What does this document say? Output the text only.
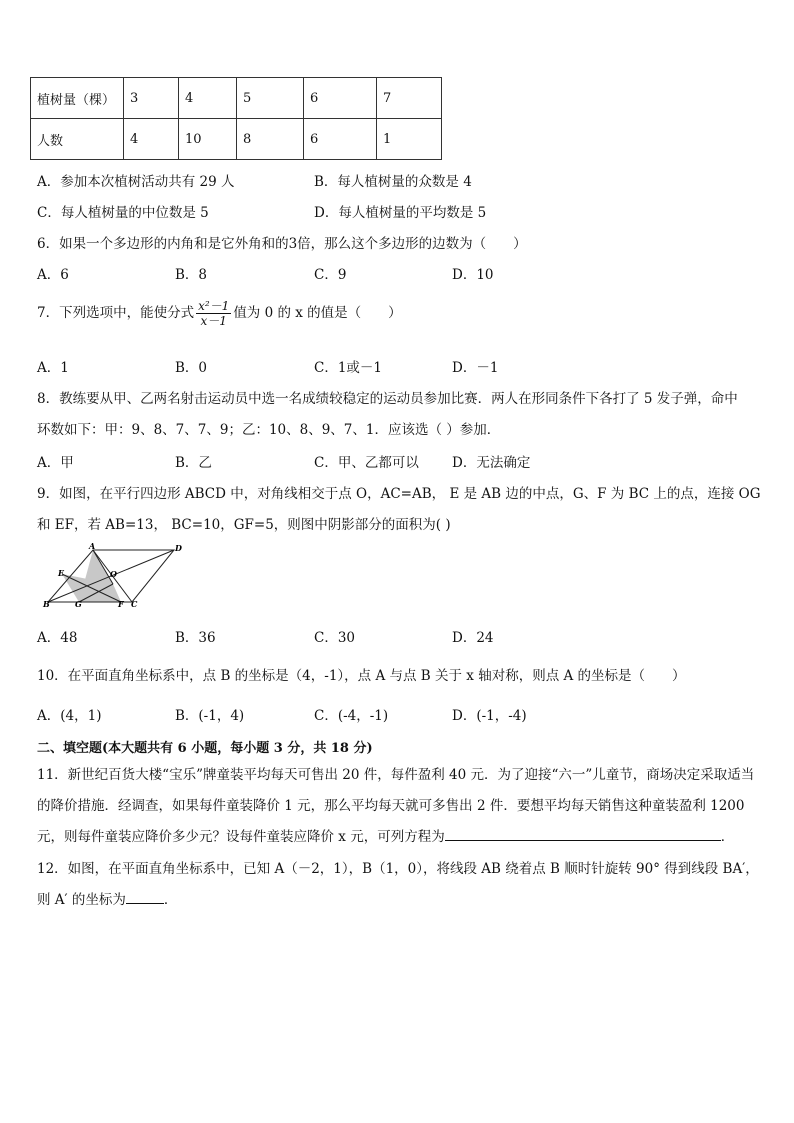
植树量（棵）	3	4	5	6	7
人数	4	10	8	6	1
A．参加本次植树活动共有 29 人	B．每人植树量的众数是 4
C．每人植树量的中位数是 5	D．每人植树量的平均数是 5
6．如果一个多边形的内角和是它外角和的3倍，那么这个多边形的边数为（　　）
A．6	B．8	C．9	D．10
7．下列选项中，能使分式 $\frac{\text{x²－1}}{x-1}$ 值为 0 的 x 的值是（　　）
A．1	B．0	C．1或－1	D．－1
8．教练要从甲、乙两名射击运动员中选一名成绩较稳定的运动员参加比赛．两人在形同条件下各打了 5 发子弹，命中
环数如下：甲：9、8、7、7、9；乙：10、8、9、7、1．应该选（ ）参加．
A．甲	B．乙	C．甲、乙都可以 D．无法确定
9．如图，在平行四边形 ABCD 中，对角线相交于点 O，AC=AB， E 是 AB 边的中点，G、F 为 BC 上的点，连接 OG
和 EF，若 AB=13， BC=10，GF=5，则图中阴影部分的面积为( )
A	D
E	O
B	G	F C
A．48	B．36	C．30	D．24
10．在平面直角坐标系中，点 B 的坐标是（4，-1），点 A 与点 B 关于 x 轴对称，则点 A 的坐标是（　　）
A．(4，1)	B．(-1，4)	C．(-4，-1)	D．(-1，-4)
二、填空题(本大题共有 6 小题，每小题 3 分，共 18 分)
11．新世纪百货大楼“宝乐”牌童装平均每天可售出 20 件，每件盈利 40 元．为了迎接“六一”儿童节，商场决定采取适当
的降价措施．经调查，如果每件童装降价 1 元，那么平均每天就可多售出 2 件．要想平均每天销售这种童装盈利 1200
元，则每件童装应降价多少元？设每件童装应降价 x 元，可列方程为	．
12．如图，在平面直角坐标系中，已知 A（－2，1），B（1，0），将线段 AB 绕着点 B 顺时针旋转 90° 得到线段 BA′，
则 A′ 的坐标为	．
